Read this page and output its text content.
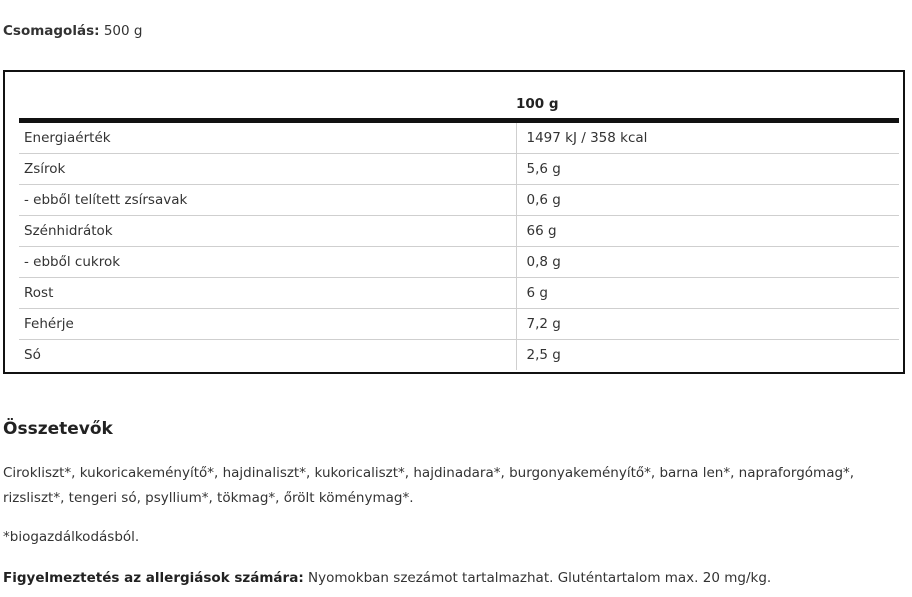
Csomagolás: 500 g

	100 g
Energiaérték	1497 kJ / 358 kcal
Zsírok	5,6 g
- ebből telített zsírsavak	0,6 g
Szénhidrátok	66 g
- ebből cukrok	0,8 g
Rost	6 g
Fehérje	7,2 g
Só	2,5 g
Összetevők

Cirokliszt*, kukoricakeményítő*, hajdinaliszt*, kukoricaliszt*, hajdinadara*, burgonyakeményítő*, barna len*, napraforgómag*, rizsliszt*, tengeri só, psyllium*, tökmag*, őrölt köménymag*.

*biogazdálkodásból.

Figyelmeztetés az allergiások számára: Nyomokban szezámot tartalmazhat. Gluténtartalom max. 20 mg/kg.
